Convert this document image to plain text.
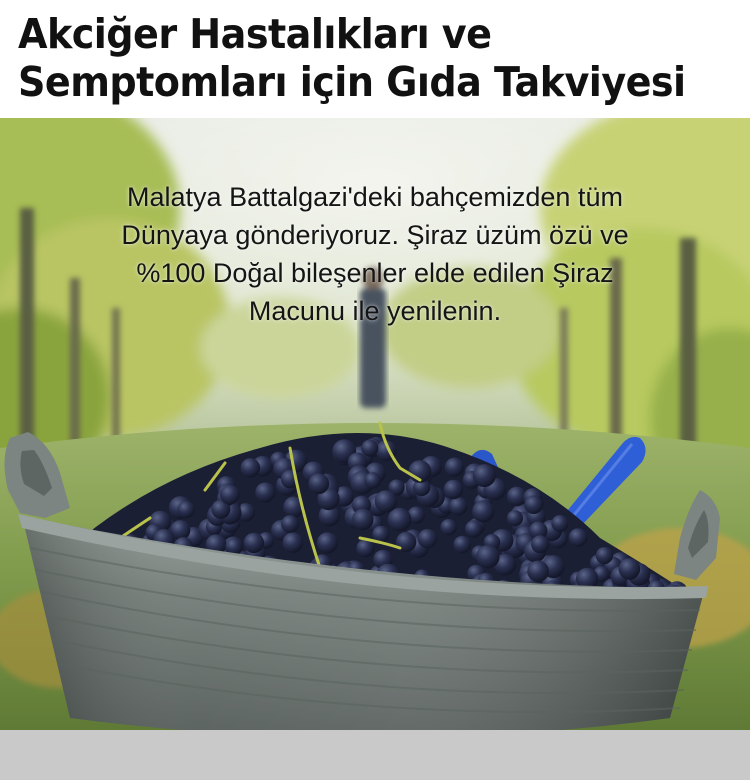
Akciğer Hastalıkları ve
Semptomları için Gıda Takviyesi
Malatya Battalgazi'deki bahçemizden tüm
Dünyaya gönderiyoruz. Şiraz üzüm özü ve
%100 Doğal bileşenler elde edilen Şiraz
Macunu ile yenilenin.
